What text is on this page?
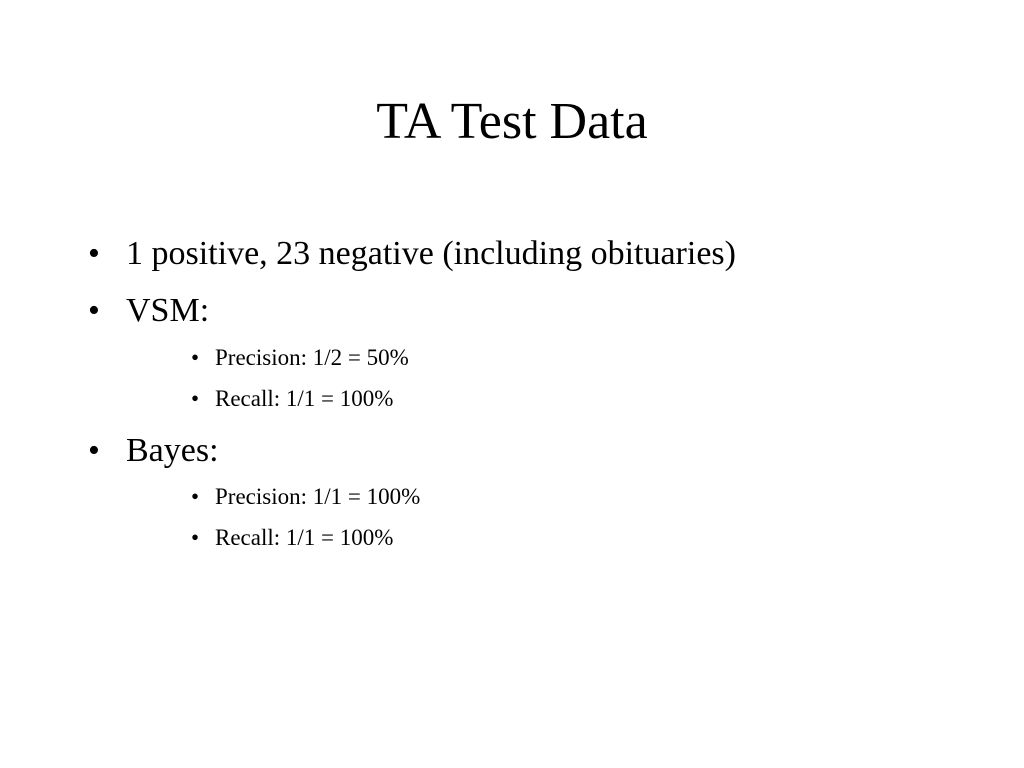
TA Test Data
• 1 positive, 23 negative (including obituaries)
• VSM:
• Precision: 1/2 = 50%
• Recall: 1/1 = 100%
• Bayes:
• Precision: 1/1 = 100%
• Recall: 1/1 = 100%
